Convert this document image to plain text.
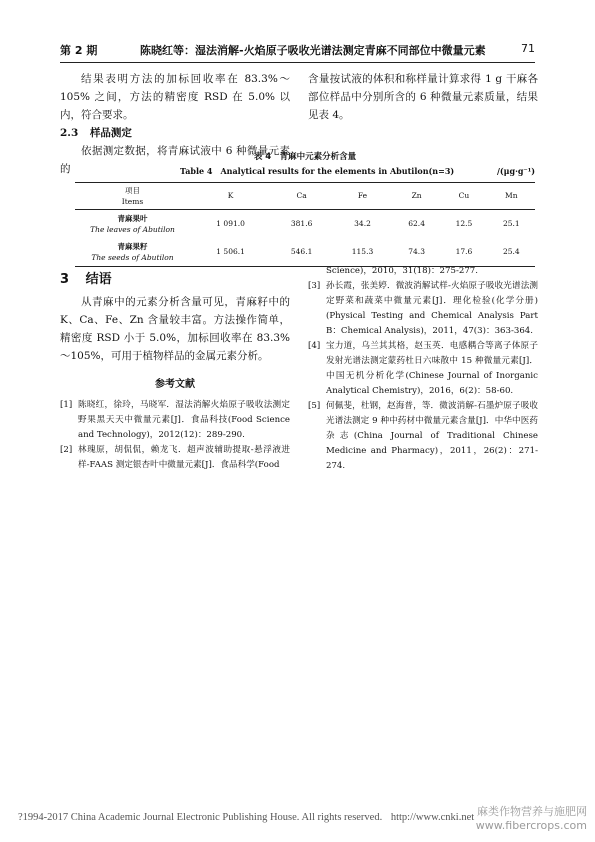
第 2 期	陈晓红等：湿法消解-火焰原子吸收光谱法测定青麻不同部位中微量元素	71
结果表明方法的加标回收率在 83.3%～105% 之间，方法的精密度 RSD 在 5.0% 以内，符合要求。
2.3 样品测定
依据测定数据，将青麻试液中 6 种微量元素的
含量按试液的体积和称样量计算求得 1 g 干麻各部位样品中分别所含的 6 种微量元素质量，结果见表 4。
表 4　青麻中元素分析含量
Table 4　Analytical results for the elements in Abutilon(n=3)	/(μg·g⁻¹)
项目
Items	K	Ca	Fe	Zn	Cu	Mn

青麻果叶
The leaves of Abutilon	1 091.0	381.6	34.2	62.4	12.5	25.1

青麻果籽
The seeds of Abutilon	1 506.1	546.1	115.3	74.3	17.6	25.4
3 结语
从青麻中的元素分析含量可见，青麻籽中的 K、Ca、Fe、Zn 含量较丰富。方法操作简单，精密度 RSD 小于 5.0%，加标回收率在 83.3%～105%，可用于植物样品的金属元素分析。
参考文献
[1] 陈晓红，徐玲，马晓军．湿法消解火焰原子吸收法测定野果黑天天中微量元素[J]．食品科技(Food Science and Technology)，2012(12)：289-290.
[2] 林瑰原，胡侃侃，赖龙飞．超声波辅助提取-悬浮液进样-FAAS 测定银杏叶中微量元素[J]．食品科学(Food
Science)，2010，31(18)：275-277.
[3] 孙长霞，张美婷．微波消解试样-火焰原子吸收光谱法测定野菜和蔬菜中微量元素[J]．理化检验(化学分册)(Physical Testing and Chemical Analysis Part B：Chemical Analysis)，2011，47(3)：363-364.
[4] 宝力道，乌兰其其格，赵玉英．电感耦合等离子体原子发射光谱法测定蒙药杜日六味散中 15 种微量元素[J]．中国无机分析化学(Chinese Journal of Inorganic Analytical Chemistry)，2016，6(2)：58-60.
[5] 何佩斐，杜钢，赵海普，等．微波消解-石墨炉原子吸收光谱法测定 9 种中药材中微量元素含量[J]．中华中医药杂志(China Journal of Traditional Chinese Medicine and Pharmacy)，2011，26(2)：271-274.
?1994-2017 China Academic Journal Electronic Publishing House. All rights reserved. http://www.cnki.net 麻类作物营养与施肥网
www.fibercrops.com
